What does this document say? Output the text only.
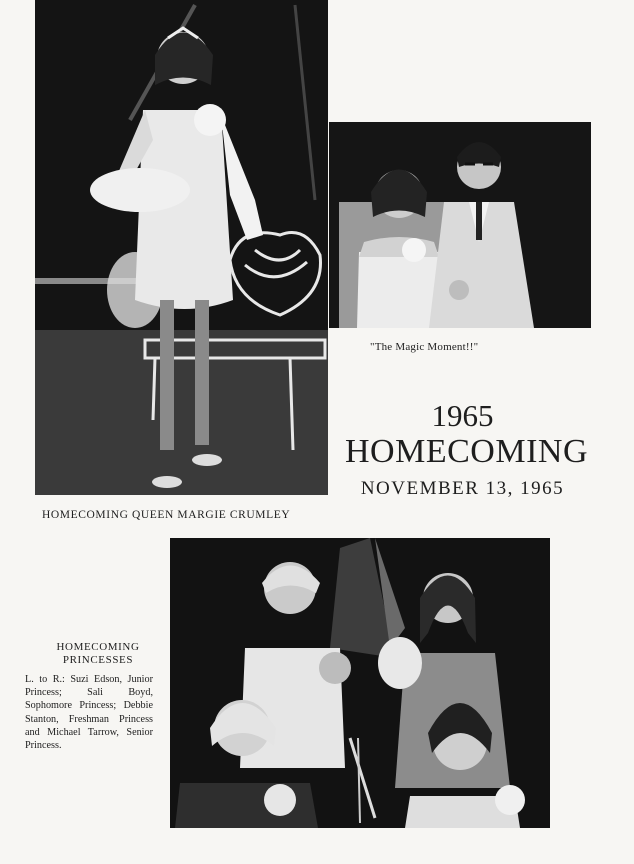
"The Magic Moment!!"

1965
HOMECOMING
NOVEMBER 13, 1965

HOMECOMING QUEEN MARGIE CRUMLEY

HOMECOMING
PRINCESSES

L. to R.: Suzi Edson, Junior Princess; Sali Boyd, Sophomore Princess; Debbie Stanton, Freshman Princess and Michael Tarrow, Senior Princess.
